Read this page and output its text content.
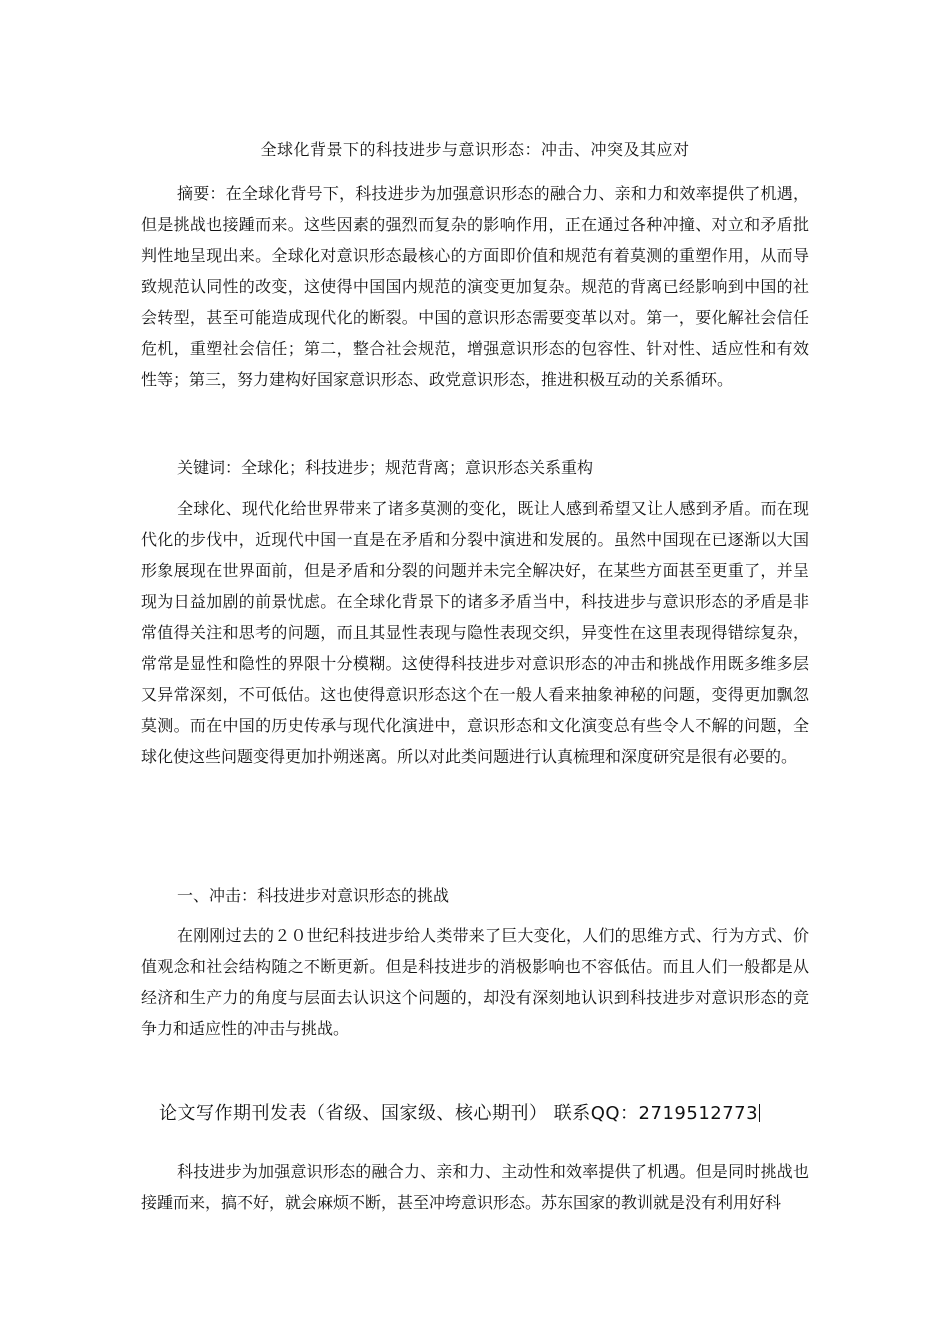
全球化背景下的科技进步与意识形态：冲击、冲突及其应对

摘要：在全球化背号下，科技进步为加强意识形态的融合力、亲和力和效率提供了机遇，但是挑战也接踵而来。这些因素的强烈而复杂的影响作用，正在通过各种冲撞、对立和矛盾批判性地呈现出来。全球化对意识形态最核心的方面即价值和规范有着莫测的重塑作用，从而导致规范认同性的改变，这使得中国国内规范的演变更加复杂。规范的背离已经影响到中国的社会转型，甚至可能造成现代化的断裂。中国的意识形态需要变革以对。第一，要化解社会信任危机，重塑社会信任；第二，整合社会规范，增强意识形态的包容性、针对性、适应性和有效性等；第三，努力建构好国家意识形态、政党意识形态，推进积极互动的关系循环。

关键词：全球化；科技进步；规范背离；意识形态关系重构

全球化、现代化给世界带来了诸多莫测的变化，既让人感到希望又让人感到矛盾。而在现代化的步伐中，近现代中国一直是在矛盾和分裂中演进和发展的。虽然中国现在已逐渐以大国形象展现在世界面前，但是矛盾和分裂的问题并未完全解决好，在某些方面甚至更重了，并呈现为日益加剧的前景忧虑。在全球化背景下的诸多矛盾当中，科技进步与意识形态的矛盾是非常值得关注和思考的问题，而且其显性表现与隐性表现交织，异变性在这里表现得错综复杂，常常是显性和隐性的界限十分模糊。这使得科技进步对意识形态的冲击和挑战作用既多维多层又异常深刻，不可低估。这也使得意识形态这个在一般人看来抽象神秘的问题，变得更加飘忽莫测。而在中国的历史传承与现代化演进中，意识形态和文化演变总有些令人不解的问题，全球化使这些问题变得更加扑朔迷离。所以对此类问题进行认真梳理和深度研究是很有必要的。

一、冲击：科技进步对意识形态的挑战

在刚刚过去的２０世纪科技进步给人类带来了巨大变化，人们的思维方式、行为方式、价值观念和社会结构随之不断更新。但是科技进步的消极影响也不容低估。而且人们一般都是从经济和生产力的角度与层面去认识这个问题的，却没有深刻地认识到科技进步对意识形态的竞争力和适应性的冲击与挑战。

论文写作期刊发表（省级、国家级、核心期刊） 联系QQ：2719512773

科技进步为加强意识形态的融合力、亲和力、主动性和效率提供了机遇。但是同时挑战也接踵而来，搞不好，就会麻烦不断，甚至冲垮意识形态。苏东国家的教训就是没有利用好科
